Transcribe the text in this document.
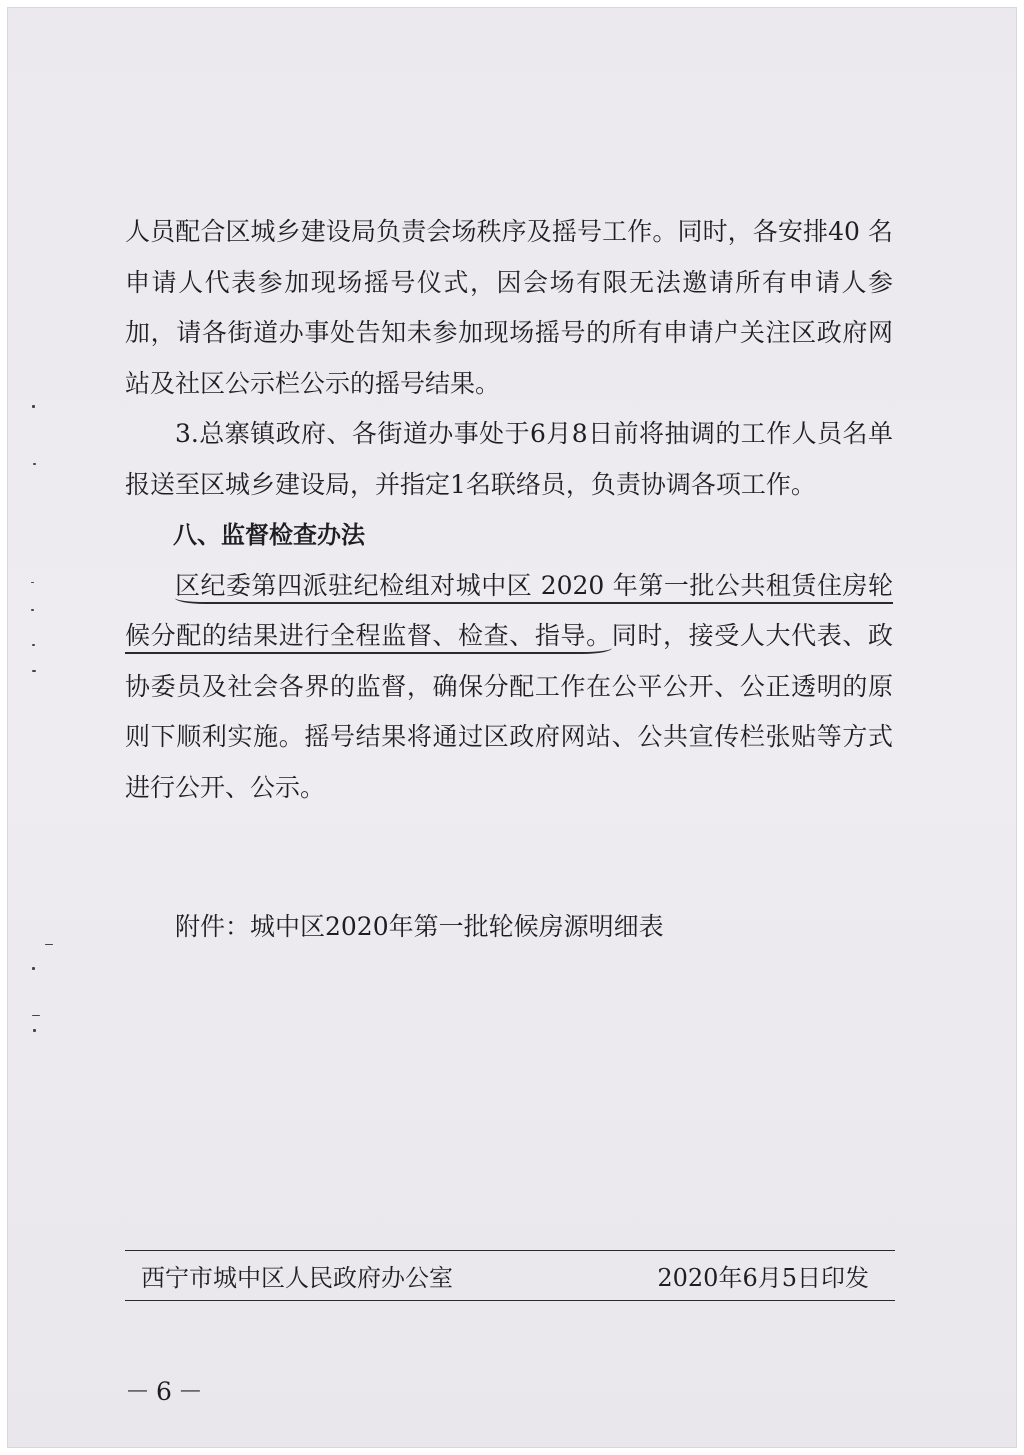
人员配合区城乡建设局负责会场秩序及摇号工作。同时，各安排40 名申请人代表参加现场摇号仪式，因会场有限无法邀请所有申请人参加，请各街道办事处告知未参加现场摇号的所有申请户关注区政府网站及社区公示栏公示的摇号结果。

3.总寨镇政府、各街道办事处于6月8日前将抽调的工作人员名单报送至区城乡建设局，并指定1名联络员，负责协调各项工作。

八、监督检查办法

区纪委第四派驻纪检组对城中区 2020 年第一批公共租赁住房轮候分配的结果进行全程监督、检查、指导。同时，接受人大代表、政协委员及社会各界的监督，确保分配工作在公平公开、公正透明的原则下顺利实施。摇号结果将通过区政府网站、公共宣传栏张贴等方式进行公开、公示。

附件：城中区2020年第一批轮候房源明细表
西宁市城中区人民政府办公室	2020年6月5日印发
－6－
